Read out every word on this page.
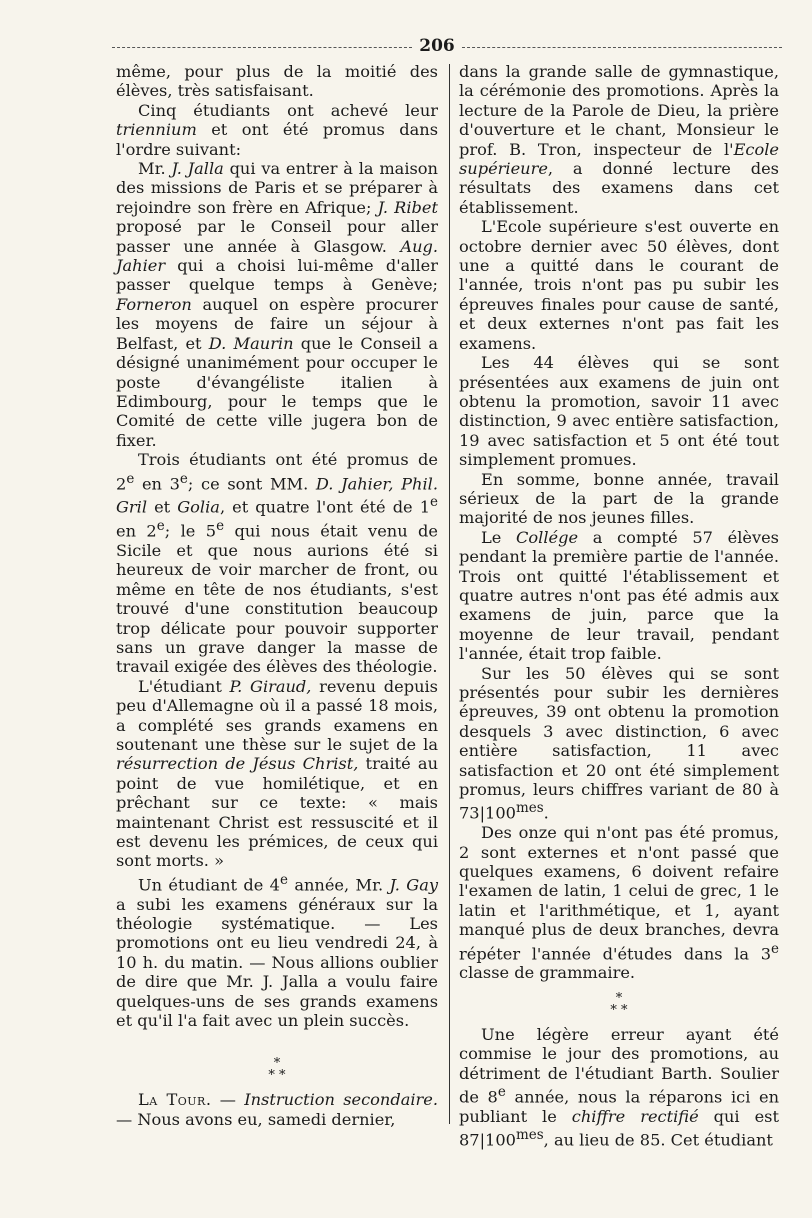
206

même, pour plus de la moitié des élèves, très satisfaisant.

Cinq étudiants ont achevé leur triennium et ont été promus dans l'ordre suivant:

Mr. J. Jalla qui va entrer à la maison des missions de Paris et se préparer à rejoindre son frère en Afrique; J. Ribet proposé par le Conseil pour aller passer une année à Glasgow. Aug. Jahier qui a choisi lui-même d'aller passer quelque temps à Genève; Forneron auquel on espère procurer les moyens de faire un séjour à Belfast, et D. Maurin que le Conseil a désigné unanimément pour occuper le poste d'évangéliste italien à Edimbourg, pour le temps que le Comité de cette ville jugera bon de fixer.

Trois étudiants ont été promus de 2e en 3e; ce sont MM. D. Jahier, Phil. Gril et Golia, et quatre l'ont été de 1e en 2e; le 5e qui nous était venu de Sicile et que nous aurions été si heureux de voir marcher de front, ou même en tête de nos étudiants, s'est trouvé d'une constitution beaucoup trop délicate pour pouvoir supporter sans un grave danger la masse de travail exigée des élèves des théologie.

L'étudiant P. Giraud, revenu depuis peu d'Allemagne où il a passé 18 mois, a complété ses grands examens en soutenant une thèse sur le sujet de la résurrection de Jésus Christ, traité au point de vue homilétique, et en prêchant sur ce texte: « mais maintenant Christ est ressuscité et il est devenu les prémices, de ceux qui sont morts. »

Un étudiant de 4e année, Mr. J. Gay a subi les examens généraux sur la théologie systématique. — Les promotions ont eu lieu vendredi 24, à 10 h. du matin. — Nous allions oublier de dire que Mr. J. Jalla a voulu faire quelques-uns de ses grands examens et qu'il l'a fait avec un plein succès.

*
* *

La Tour. — Instruction secondaire. — Nous avons eu, samedi dernier,

dans la grande salle de gymnastique, la cérémonie des promotions. Après la lecture de la Parole de Dieu, la prière d'ouverture et le chant, Monsieur le prof. B. Tron, inspecteur de l'Ecole supérieure, a donné lecture des résultats des examens dans cet établissement.

L'Ecole supérieure s'est ouverte en octobre dernier avec 50 élèves, dont une a quitté dans le courant de l'année, trois n'ont pas pu subir les épreuves finales pour cause de santé, et deux externes n'ont pas fait les examens.

Les 44 élèves qui se sont présentées aux examens de juin ont obtenu la promotion, savoir 11 avec distinction, 9 avec entière satisfaction, 19 avec satisfaction et 5 ont été tout simplement promues.

En somme, bonne année, travail sérieux de la part de la grande majorité de nos jeunes filles.

Le Collége a compté 57 élèves pendant la première partie de l'année. Trois ont quitté l'établissement et quatre autres n'ont pas été admis aux examens de juin, parce que la moyenne de leur travail, pendant l'année, était trop faible.

Sur les 50 élèves qui se sont présentés pour subir les dernières épreuves, 39 ont obtenu la promotion desquels 3 avec distinction, 6 avec entière satisfaction, 11 avec satisfaction et 20 ont été simplement promus, leurs chiffres variant de 80 à $73|100^{mes}$.

Des onze qui n'ont pas été promus, 2 sont externes et n'ont passé que quelques examens, 6 doivent refaire l'examen de latin, 1 celui de grec, 1 le latin et l'arithmétique, et 1, ayant manqué plus de deux branches, devra répéter l'année d'études dans la 3e classe de grammaire.

*
* *

Une légère erreur ayant été commise le jour des promotions, au détriment de l'étudiant Barth. Soulier de 8e année, nous la réparons ici en publiant le chiffre rectifié qui est $87|100^{mes}$, au lieu de 85. Cet étudiant
